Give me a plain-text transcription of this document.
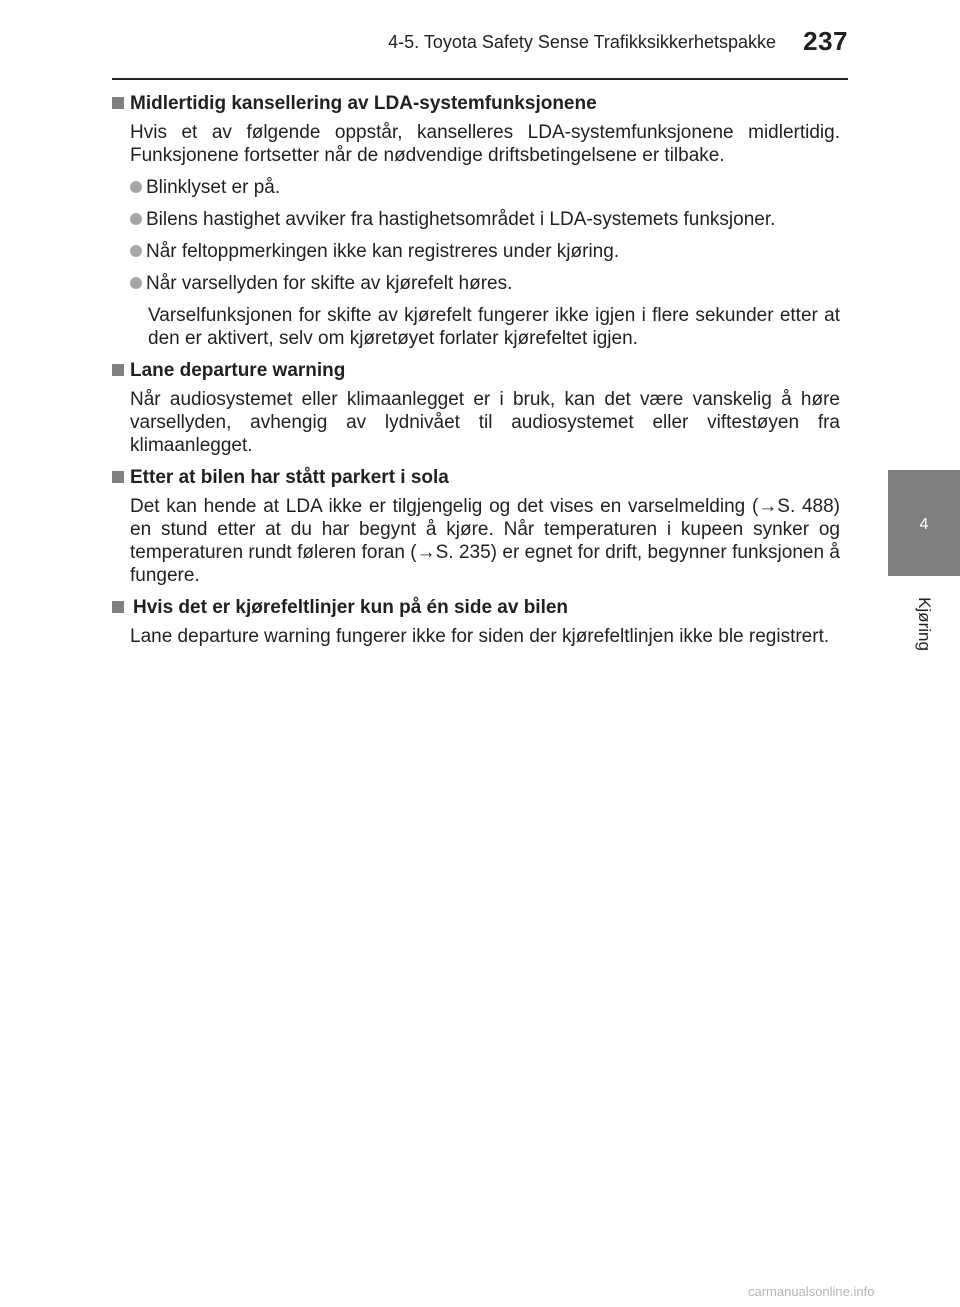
4-5. Toyota Safety Sense Trafikksikkerhetspakke 237
4
Kjøring
Midlertidig kansellering av LDA-systemfunksjonene
Hvis et av følgende oppstår, kanselleres LDA-systemfunksjonene midlertidig. Funksjonene fortsetter når de nødvendige driftsbetingelsene er tilbake.
Blinklyset er på.
Bilens hastighet avviker fra hastighetsområdet i LDA-systemets funksjoner.
Når feltoppmerkingen ikke kan registreres under kjøring.
Når varsellyden for skifte av kjørefelt høres.
Varselfunksjonen for skifte av kjørefelt fungerer ikke igjen i flere sekunder etter at den er aktivert, selv om kjøretøyet forlater kjørefeltet igjen.
Lane departure warning
Når audiosystemet eller klimaanlegget er i bruk, kan det være vanskelig å høre varsellyden, avhengig av lydnivået til audiosystemet eller viftestøyen fra klimaanlegget.
Etter at bilen har stått parkert i sola
Det kan hende at LDA ikke er tilgjengelig og det vises en varselmelding (→S. 488) en stund etter at du har begynt å kjøre. Når temperaturen i kupeen synker og temperaturen rundt føleren foran (→S. 235) er egnet for drift, begynner funksjonen å fungere.
Hvis det er kjørefeltlinjer kun på én side av bilen
Lane departure warning fungerer ikke for siden der kjørefeltlinjen ikke ble registrert.
carmanualsonline.info
